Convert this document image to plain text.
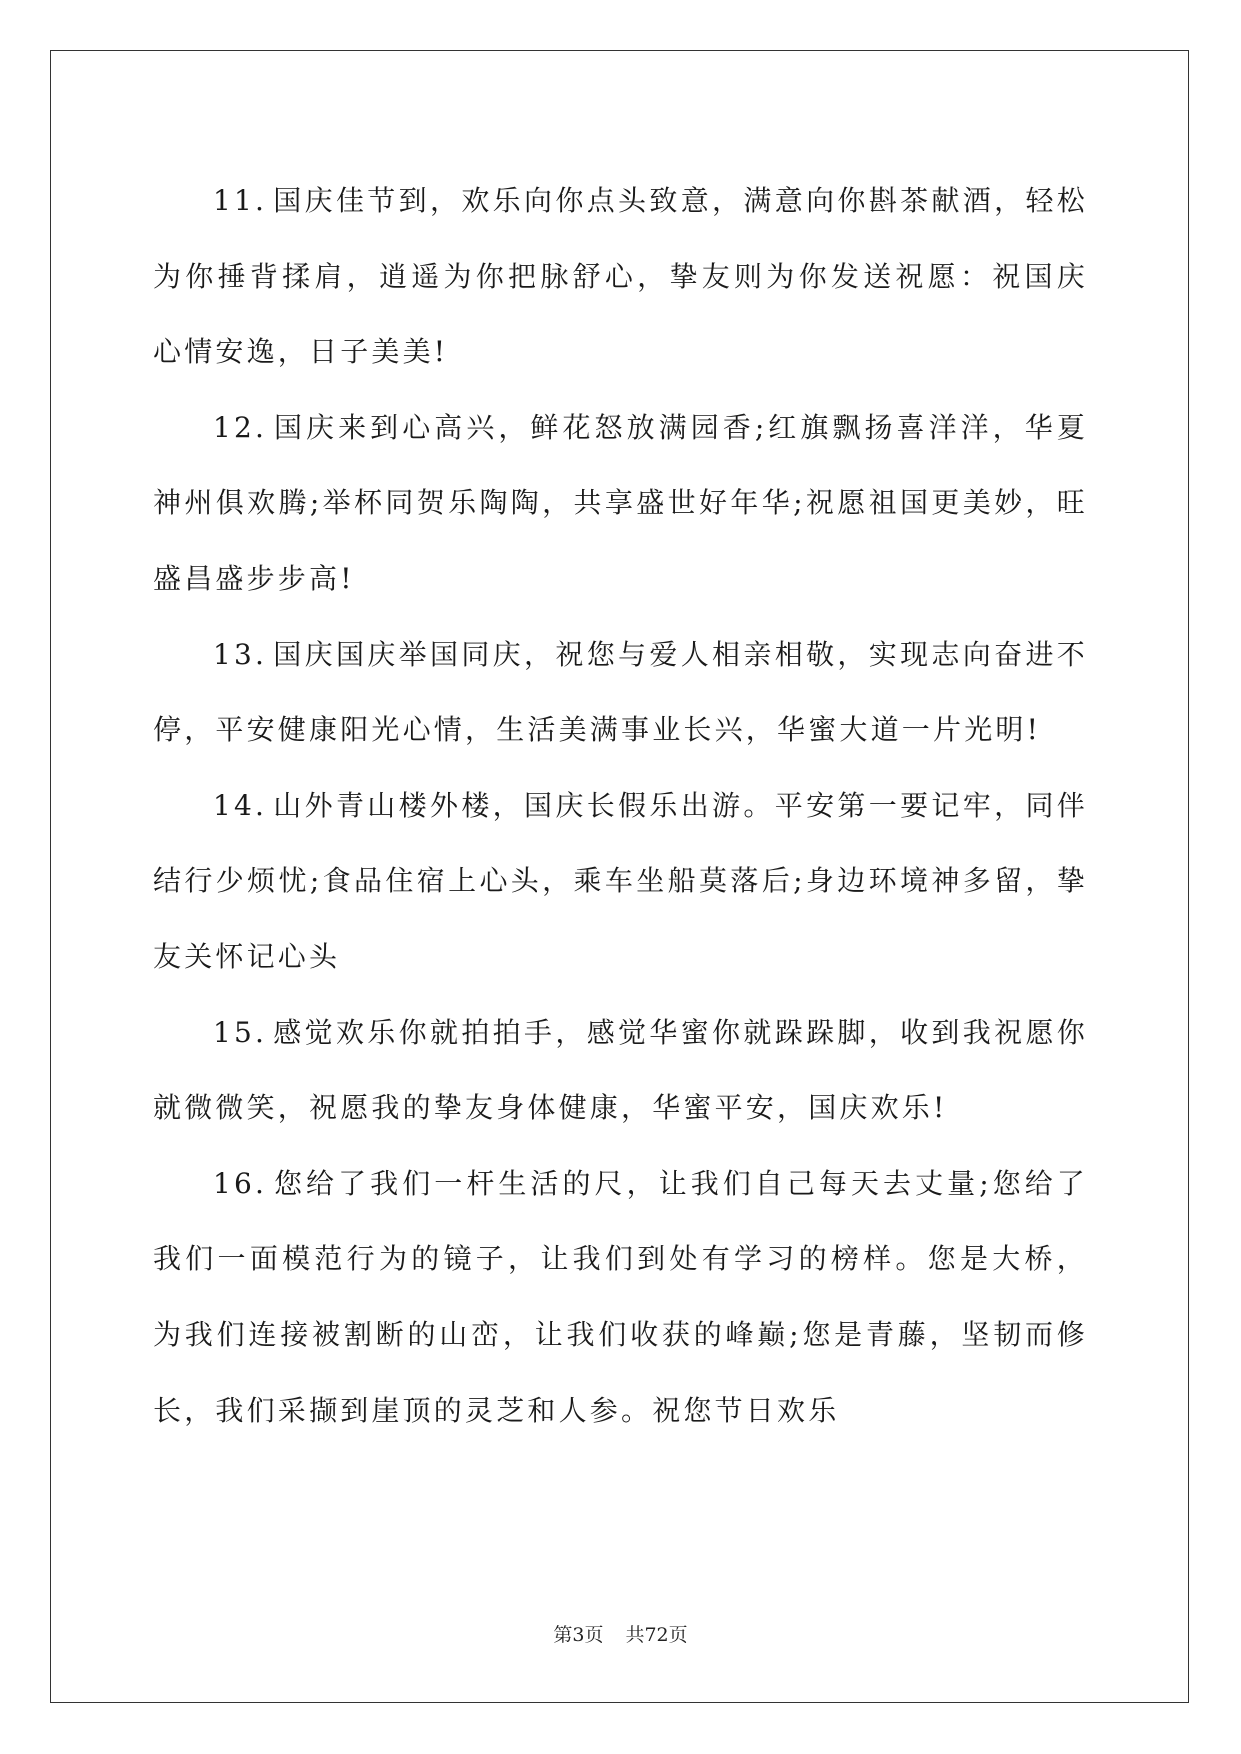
11. 国庆佳节到，欢乐向你点头致意，满意向你斟茶献酒，轻松为你捶背揉肩，逍遥为你把脉舒心，挚友则为你发送祝愿：祝国庆心情安逸，日子美美!

12. 国庆来到心高兴，鲜花怒放满园香;红旗飘扬喜洋洋，华夏神州俱欢腾;举杯同贺乐陶陶，共享盛世好年华;祝愿祖国更美妙，旺盛昌盛步步高!

13. 国庆国庆举国同庆，祝您与爱人相亲相敬，实现志向奋进不停，平安健康阳光心情，生活美满事业长兴，华蜜大道一片光明!

14. 山外青山楼外楼，国庆长假乐出游。平安第一要记牢，同伴结行少烦忧;食品住宿上心头，乘车坐船莫落后;身边环境神多留，挚友关怀记心头

15. 感觉欢乐你就拍拍手，感觉华蜜你就跺跺脚，收到我祝愿你就微微笑，祝愿我的挚友身体健康，华蜜平安，国庆欢乐!

16. 您给了我们一杆生活的尺，让我们自己每天去丈量;您给了我们一面模范行为的镜子，让我们到处有学习的榜样。您是大桥，为我们连接被割断的山峦，让我们收获的峰巅;您是青藤，坚韧而修长，我们采撷到崖顶的灵芝和人参。祝您节日欢乐

第3页 共72页
